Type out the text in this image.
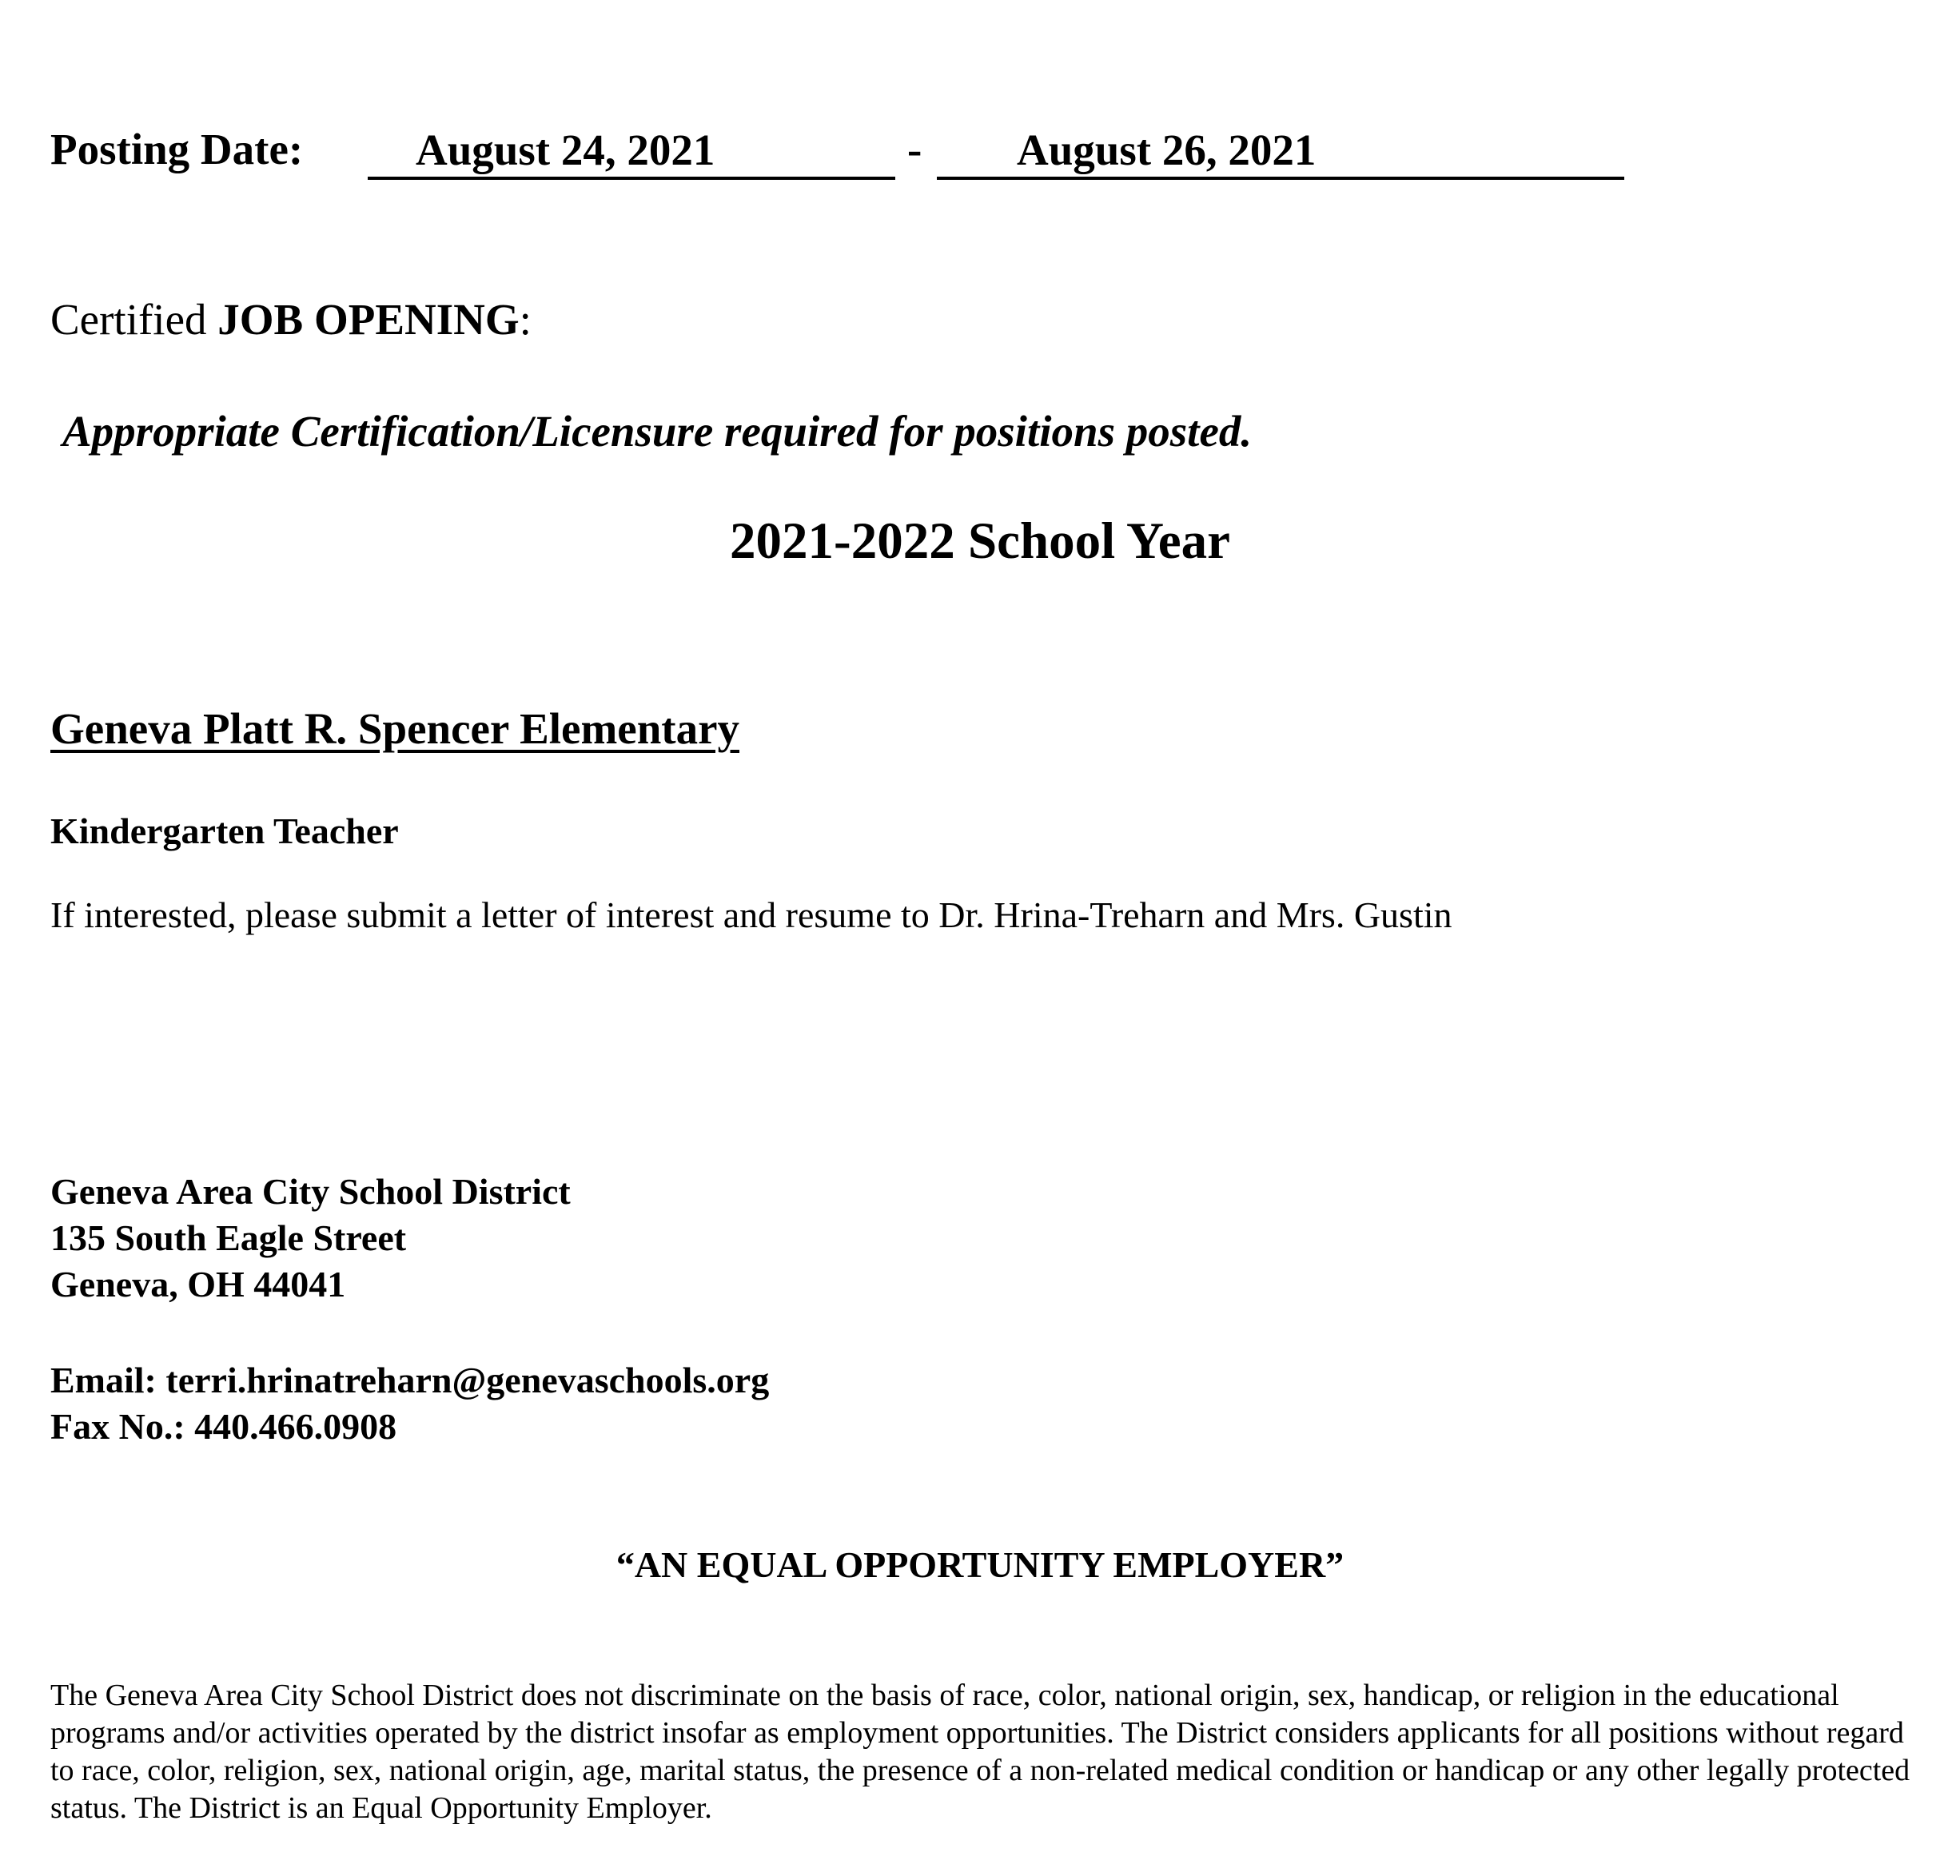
Posting Date:	August 24, 2021	- August 26, 2021
Certified JOB OPENING:
Appropriate Certification/Licensure required for positions posted.
2021-2022 School Year
Geneva Platt R. Spencer Elementary
Kindergarten Teacher
If interested, please submit a letter of interest and resume to Dr. Hrina-Treharn and Mrs. Gustin
Geneva Area City School District
135 South Eagle Street
Geneva, OH 44041
Email: terri.hrinatreharn@genevaschools.org
Fax No.: 440.466.0908
“AN EQUAL OPPORTUNITY EMPLOYER”
The Geneva Area City School District does not discriminate on the basis of race, color, national origin, sex, handicap, or religion in the educational programs and/or activities operated by the district insofar as employment opportunities. The District considers applicants for all positions without regard to race, color, religion, sex, national origin, age, marital status, the presence of a non-related medical condition or handicap or any other legally protected status. The District is an Equal Opportunity Employer.
